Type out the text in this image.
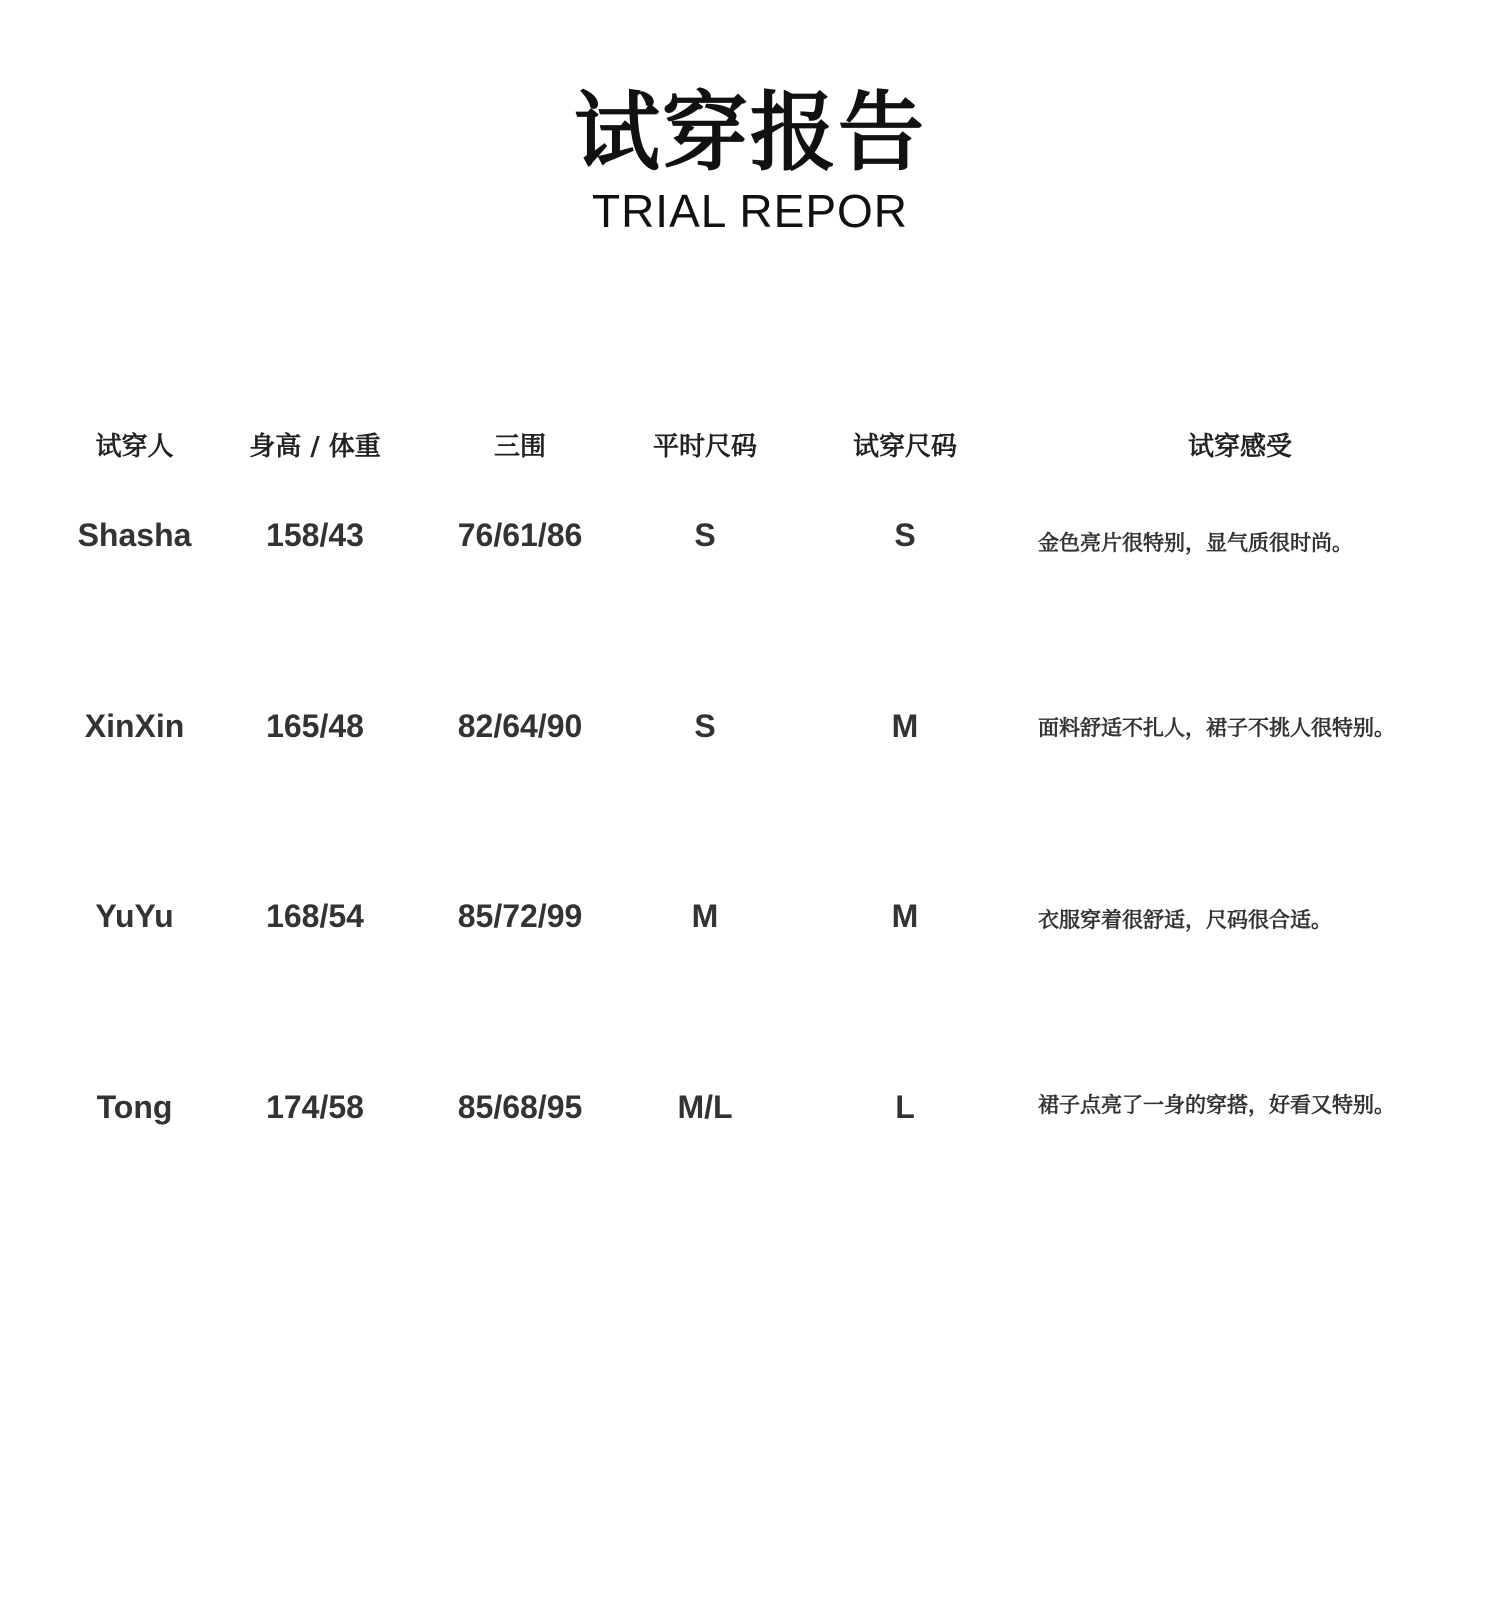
试穿报告
TRIAL REPOR
试穿人	身高 / 体重	三围	平时尺码	试穿尺码	试穿感受
Shasha	158/43	76/61/86	S	S	金色亮片很特别，显气质很时尚。
XinXin	165/48	82/64/90	S	M	面料舒适不扎人，裙子不挑人很特别。
YuYu	168/54	85/72/99	M	M	衣服穿着很舒适，尺码很合适。
Tong	174/58	85/68/95	M/L	L	裙子点亮了一身的穿搭，好看又特别。
